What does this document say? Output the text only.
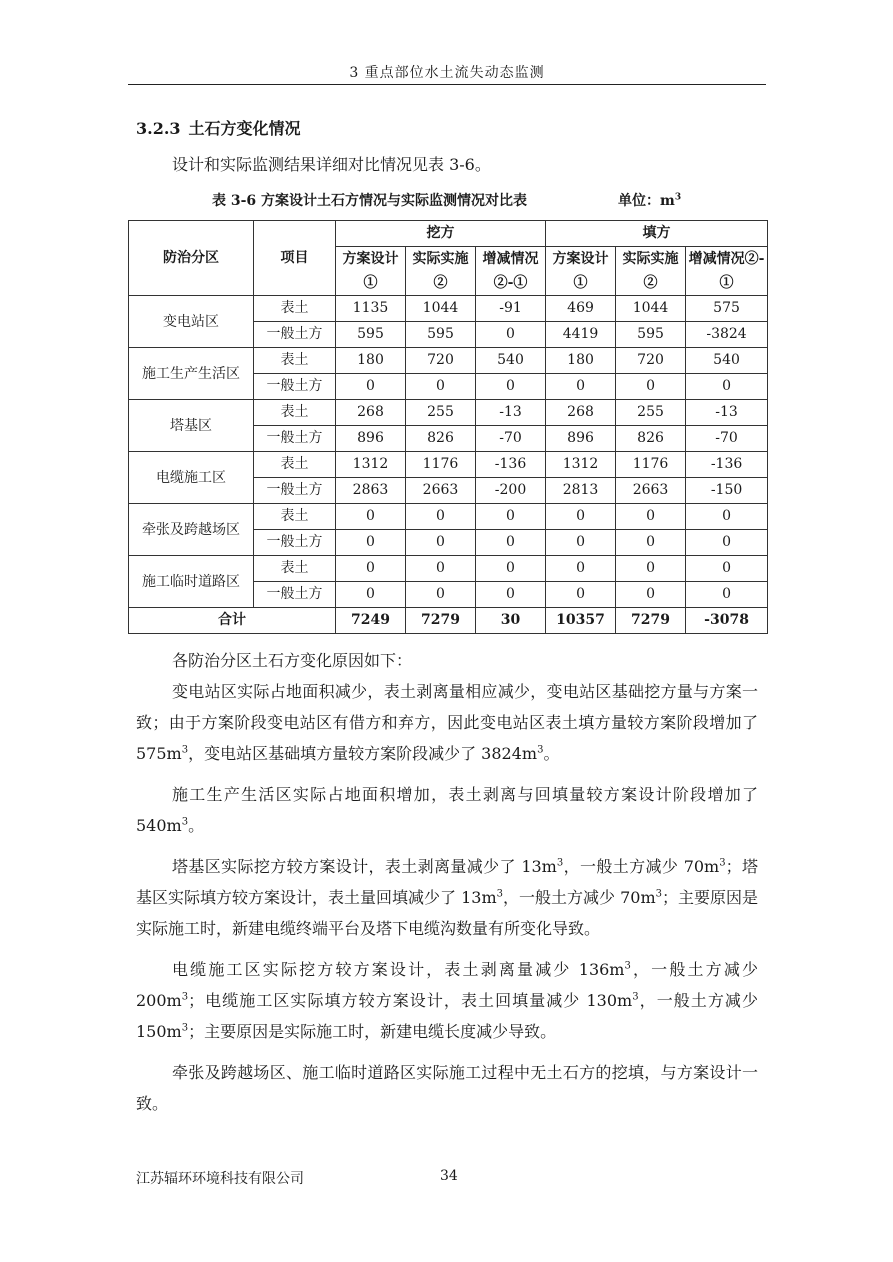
3 重点部位水土流失动态监测
3.2.3 土石方变化情况
设计和实际监测结果详细对比情况见表 3-6。
表 3-6 方案设计土石方情况与实际监测情况对比表	单位：$m^3$
防治分区	项目	挖方			填方		
		方案设计①	实际实施②	增减情况②-①	方案设计①	实际实施②	增减情况②-①
变电站区	表土	1135	1044	-91	469	1044	575
	一般土方	595	595	0	4419	595	-3824
施工生产生活区	表土	180	720	540	180	720	540
	一般土方	0	0	0	0	0	0
塔基区	表土	268	255	-13	268	255	-13
	一般土方	896	826	-70	896	826	-70
电缆施工区	表土	1312	1176	-136	1312	1176	-136
	一般土方	2863	2663	-200	2813	2663	-150
牵张及跨越场区	表土	0	0	0	0	0	0
	一般土方	0	0	0	0	0	0
施工临时道路区	表土	0	0	0	0	0	0
	一般土方	0	0	0	0	0	0
合计		7249	7279	30	10357	7279	-3078

各防治分区土石方变化原因如下：

变电站区实际占地面积减少，表土剥离量相应减少，变电站区基础挖方量与方案一致；由于方案阶段变电站区有借方和弃方，因此变电站区表土填方量较方案阶段增加了 $575m^3$，变电站区基础填方量较方案阶段减少了 $3824m^3$。

施工生产生活区实际占地面积增加，表土剥离与回填量较方案设计阶段增加了 $540m^3$。

塔基区实际挖方较方案设计，表土剥离量减少了 $13m^3$，一般土方减少 $70m^3$；塔基区实际填方较方案设计，表土量回填减少了 $13m^3$，一般土方减少 $70m^3$；主要原因是实际施工时，新建电缆终端平台及塔下电缆沟数量有所变化导致。

电缆施工区实际挖方较方案设计，表土剥离量减少 $136m^3$，一般土方减少 $200m^3$；电缆施工区实际填方较方案设计，表土回填量减少 $130m^3$，一般土方减少 $150m^3$；主要原因是实际施工时，新建电缆长度减少导致。

牵张及跨越场区、施工临时道路区实际施工过程中无土石方的挖填，与方案设计一致。

江苏辐环环境科技有限公司	34
